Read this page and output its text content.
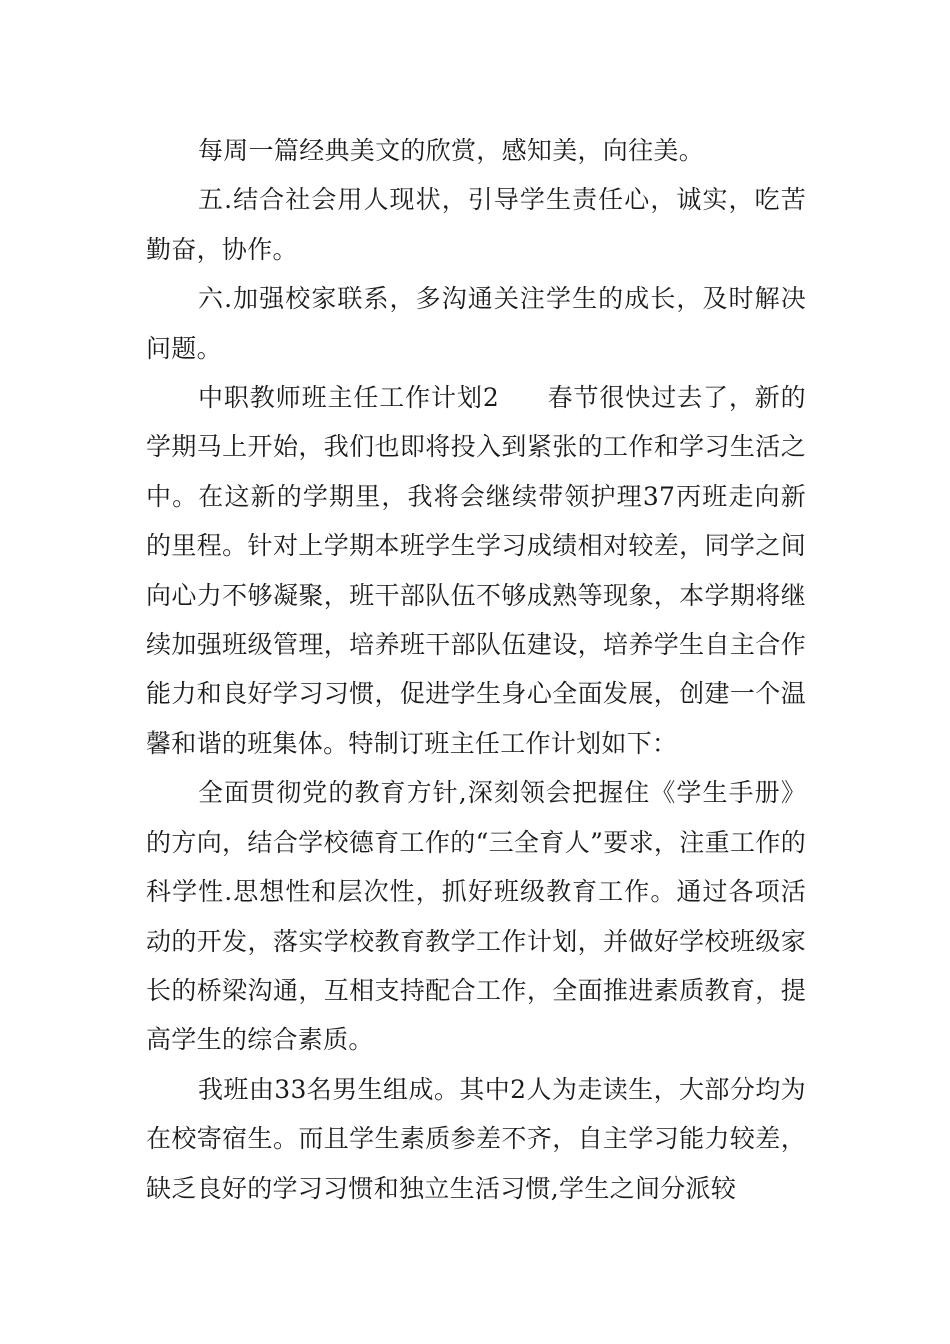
每周一篇经典美文的欣赏，感知美，向往美。

五.结合社会用人现状，引导学生责任心，诚实，吃苦勤奋，协作。

六.加强校家联系，多沟通关注学生的成长，及时解决问题。

中职教师班主任工作计划2 春节很快过去了，新的学期马上开始，我们也即将投入到紧张的工作和学习生活之中。在这新的学期里，我将会继续带领护理37丙班走向新的里程。针对上学期本班学生学习成绩相对较差，同学之间向心力不够凝聚，班干部队伍不够成熟等现象，本学期将继续加强班级管理，培养班干部队伍建设，培养学生自主合作能力和良好学习习惯，促进学生身心全面发展，创建一个温馨和谐的班集体。特制订班主任工作计划如下：

全面贯彻党的教育方针,深刻领会把握住《学生手册》的方向，结合学校德育工作的“三全育人”要求，注重工作的科学性.思想性和层次性，抓好班级教育工作。通过各项活动的开发，落实学校教育教学工作计划，并做好学校班级家长的桥梁沟通，互相支持配合工作，全面推进素质教育，提高学生的综合素质。

我班由33名男生组成。其中2人为走读生，大部分均为在校寄宿生。而且学生素质参差不齐，自主学习能力较差，缺乏良好的学习习惯和独立生活习惯,学生之间分派较
